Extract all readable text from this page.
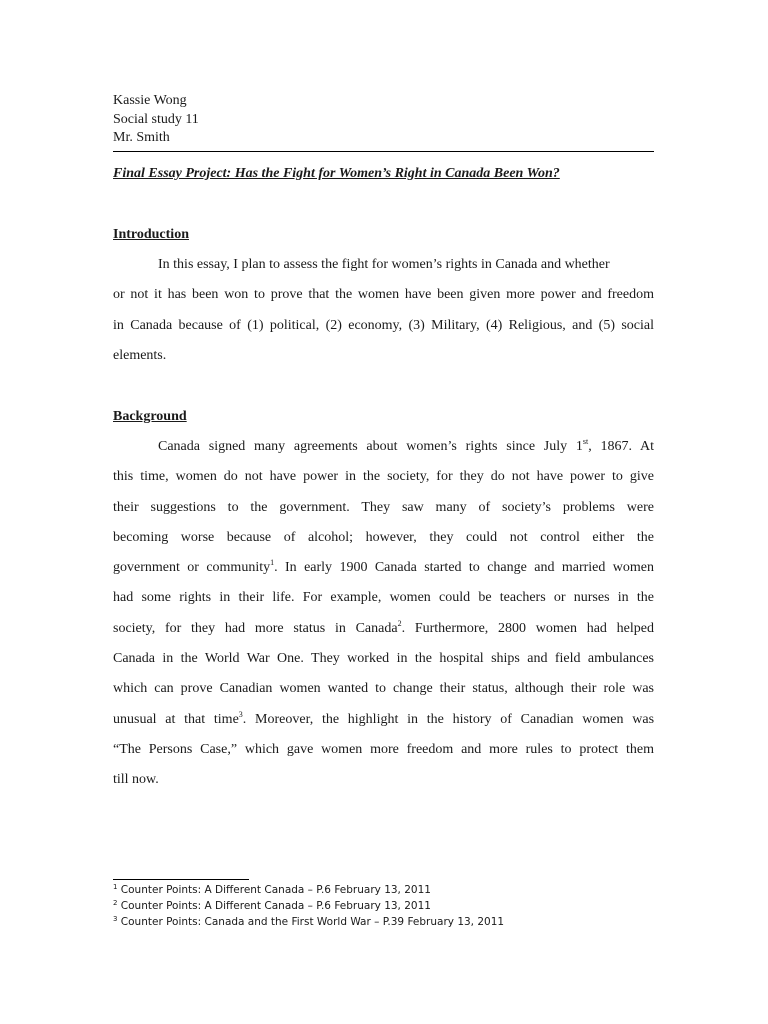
Kassie Wong
Social study 11
Mr. Smith
Final Essay Project: Has the Fight for Women’s Right in Canada Been Won?
Introduction
In this essay, I plan to assess the fight for women’s rights in Canada and whether
or not it has been won to prove that the women have been given more power and freedom
in Canada because of (1) political, (2) economy, (3) Military, (4) Religious, and (5) social
elements.
Background
Canada signed many agreements about women’s rights since July 1st, 1867. At
this time, women do not have power in the society, for they do not have power to give
their suggestions to the government. They saw many of society’s problems were
becoming worse because of alcohol; however, they could not control either the
government or community$^1$. In early 1900 Canada started to change and married women
had some rights in their life. For example, women could be teachers or nurses in the
society, for they had more status in Canada$^2$. Furthermore, 2800 women had helped
Canada in the World War One. They worked in the hospital ships and field ambulances
which can prove Canadian women wanted to change their status, although their role was
unusual at that time$^3$. Moreover, the highlight in the history of Canadian women was
“The Persons Case,” which gave women more freedom and more rules to protect them
till now.
$^1$ Counter Points: A Different Canada – P.6 February 13, 2011
$^2$ Counter Points: A Different Canada – P.6 February 13, 2011
$^3$ Counter Points: Canada and the First World War – P.39 February 13, 2011
